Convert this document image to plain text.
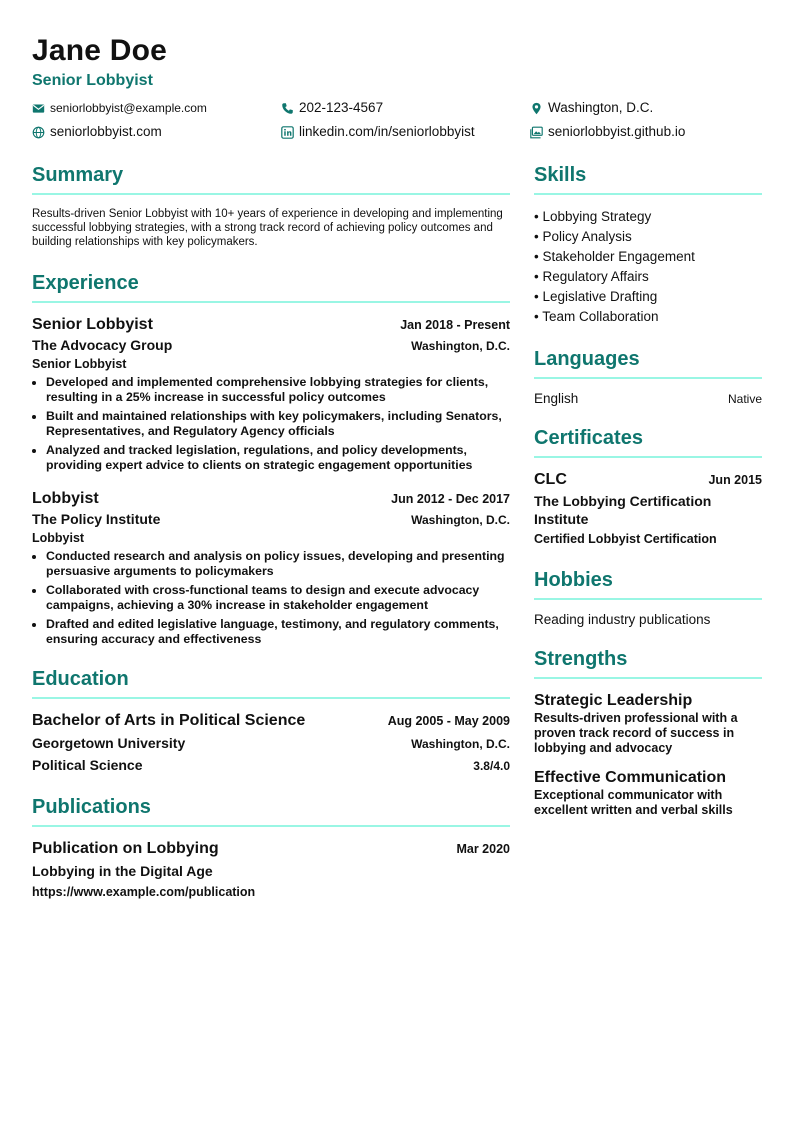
Jane Doe
Senior Lobbyist
seniorlobbyist@example.com	202-123-4567	Washington, D.C.
seniorlobbyist.com	linkedin.com/in/seniorlobbyist	seniorlobbyist.github.io
Summary
Results-driven Senior Lobbyist with 10+ years of experience in developing and implementing successful lobbying strategies, with a strong track record of achieving policy outcomes and building relationships with key policymakers.
Experience
Senior Lobbyist	Jan 2018 - Present
The Advocacy Group	Washington, D.C.
Senior Lobbyist
• Developed and implemented comprehensive lobbying strategies for clients, resulting in a 25% increase in successful policy outcomes
• Built and maintained relationships with key policymakers, including Senators, Representatives, and Regulatory Agency officials
• Analyzed and tracked legislation, regulations, and policy developments, providing expert advice to clients on strategic engagement opportunities
Lobbyist	Jun 2012 - Dec 2017
The Policy Institute	Washington, D.C.
Lobbyist
• Conducted research and analysis on policy issues, developing and presenting persuasive arguments to policymakers
• Collaborated with cross-functional teams to design and execute advocacy campaigns, achieving a 30% increase in stakeholder engagement
• Drafted and edited legislative language, testimony, and regulatory comments, ensuring accuracy and effectiveness
Education
Bachelor of Arts in Political Science	Aug 2005 - May 2009
Georgetown University	Washington, D.C.
Political Science	3.8/4.0
Publications
Publication on Lobbying	Mar 2020
Lobbying in the Digital Age
https://www.example.com/publication
Skills
• Lobbying Strategy
• Policy Analysis
• Stakeholder Engagement
• Regulatory Affairs
• Legislative Drafting
• Team Collaboration
Languages
English	Native
Certificates
CLC	Jun 2015
The Lobbying Certification Institute
Certified Lobbyist Certification
Hobbies
Reading industry publications
Strengths
Strategic Leadership
Results-driven professional with a proven track record of success in lobbying and advocacy
Effective Communication
Exceptional communicator with excellent written and verbal skills
